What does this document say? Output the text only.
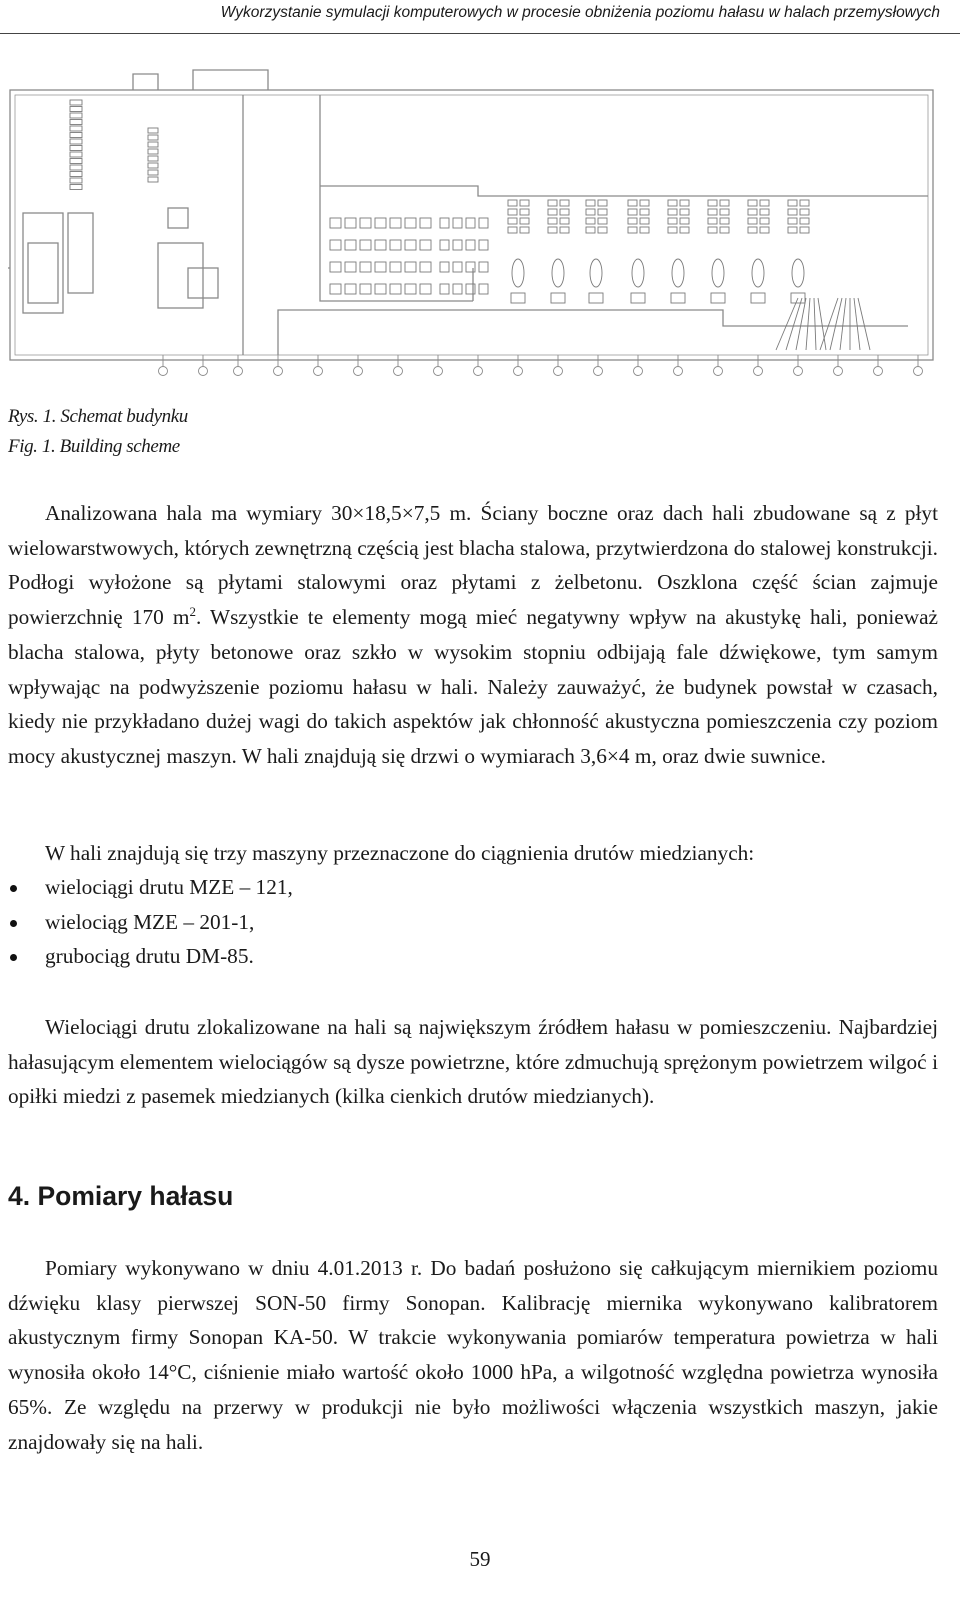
Wykorzystanie symulacji komputerowych w procesie obniżenia poziomu hałasu w halach przemysłowych
Rys. 1. Schemat budynku
Fig. 1. Building scheme

Analizowana hala ma wymiary 30×18,5×7,5 m. Ściany boczne oraz dach hali zbudowane są z płyt wielowarstwowych, których zewnętrzną częścią jest blacha stalowa, przytwierdzona do stalowej konstrukcji. Podłogi wyłożone są płytami stalowymi oraz płytami z żelbetonu. Oszklona część ścian zajmuje powierzchnię 170 $m^2$. Wszystkie te elementy mogą mieć negatywny wpływ na akustykę hali, ponieważ blacha stalowa, płyty betonowe oraz szkło w wysokim stopniu odbijają fale dźwiękowe, tym samym wpływając na podwyższenie poziomu hałasu w hali. Należy zauważyć, że budynek powstał w czasach, kiedy nie przykładano dużej wagi do takich aspektów jak chłonność akustyczna pomieszczenia czy poziom mocy akustycznej maszyn. W hali znajdują się drzwi o wymiarach 3,6×4 m, oraz dwie suwnice.

W hali znajdują się trzy maszyny przeznaczone do ciągnienia drutów miedzianych:

wielociągi drutu MZE – 121,
wielociąg MZE – 201-1,
grubociąg drutu DM-85.

Wielociągi drutu zlokalizowane na hali są największym źródłem hałasu w pomieszczeniu. Najbardziej hałasującym elementem wielociągów są dysze powietrzne, które zdmuchują sprężonym powietrzem wilgoć i opiłki miedzi z pasemek miedzianych (kilka cienkich drutów miedzianych).

4. Pomiary hałasu

Pomiary wykonywano w dniu 4.01.2013 r. Do badań posłużono się całkującym miernikiem poziomu dźwięku klasy pierwszej SON-50 firmy Sonopan. Kalibrację miernika wykonywano kalibratorem akustycznym firmy Sonopan KA-50. W trakcie wykonywania pomiarów temperatura powietrza w hali wynosiła około 14°C, ciśnienie miało wartość około 1000 hPa, a wilgotność względna powietrza wynosiła 65%. Ze względu na przerwy w produkcji nie było możliwości włączenia wszystkich maszyn, jakie znajdowały się na hali.

59
